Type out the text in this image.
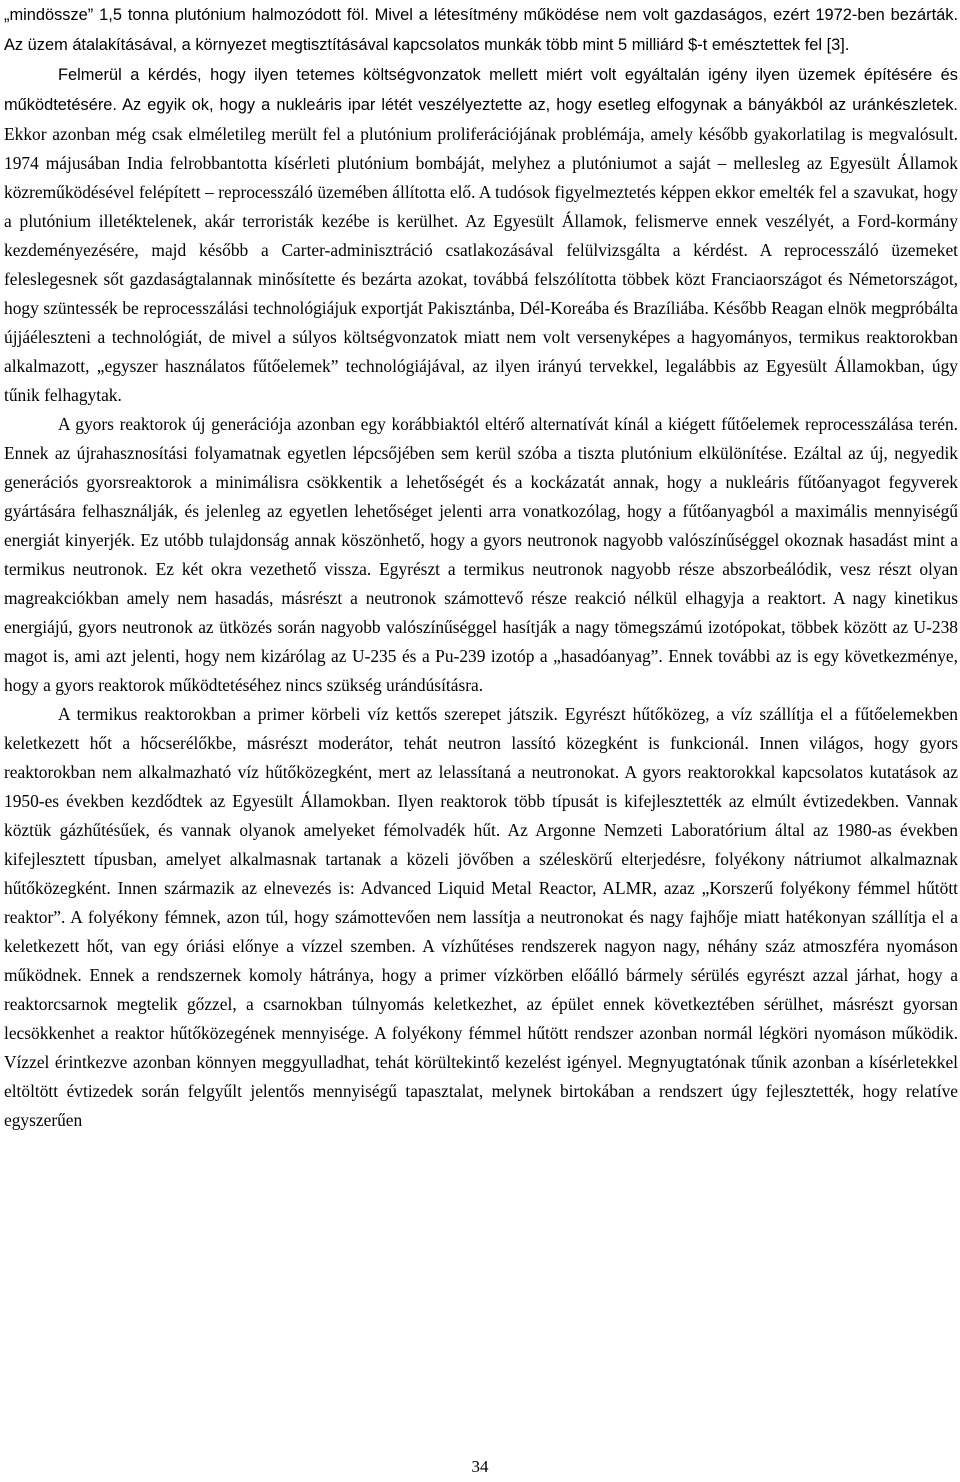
„mindössze” 1,5 tonna plutónium halmozódott föl. Mivel a létesítmény működése nem volt gazdaságos, ezért 1972-ben bezárták. Az üzem átalakításával, a környezet megtisztításával kapcsolatos munkák több mint 5 milliárd $-t emésztettek fel [3].

Felmerül a kérdés, hogy ilyen tetemes költségvonzatok mellett miért volt egyáltalán igény ilyen üzemek építésére és működtetésére. Az egyik ok, hogy a nukleáris ipar létét veszélyeztette az, hogy esetleg elfogynak a bányákból az uránkészletek. Ekkor azonban még csak elméletileg merült fel a plutónium proliferációjának problémája, amely később gyakorlatilag is megvalósult. 1974 májusában India felrobbantotta kísérleti plutónium bombáját, melyhez a plutóniumot a saját – mellesleg az Egyesült Államok közreműködésével felépített – reprocesszáló üzemében állította elő. A tudósok figyelmeztetés képpen ekkor emelték fel a szavukat, hogy a plutónium illetéktelenek, akár terroristák kezébe is kerülhet. Az Egyesült Államok, felismerve ennek veszélyét, a Ford-kormány kezdeményezésére, majd később a Carter-adminisztráció csatlakozásával felülvizsgálta a kérdést. A reprocesszáló üzemeket feleslegesnek sőt gazdaságtalannak minősítette és bezárta azokat, továbbá felszólította többek közt Franciaországot és Németországot, hogy szüntessék be reprocesszálási technológiájuk exportját Pakisztánba, Dél-Koreába és Brazíliába. Később Reagan elnök megpróbálta újjáéleszteni a technológiát, de mivel a súlyos költségvonzatok miatt nem volt versenyképes a hagyományos, termikus reaktorokban alkalmazott, „egyszer használatos fűtőelemek” technológiájával, az ilyen irányú tervekkel, legalábbis az Egyesült Államokban, úgy tűnik felhagytak.

A gyors reaktorok új generációja azonban egy korábbiaktól eltérő alternatívát kínál a kiégett fűtőelemek reprocesszálása terén. Ennek az újrahasznosítási folyamatnak egyetlen lépcsőjében sem kerül szóba a tiszta plutónium elkülönítése. Ezáltal az új, negyedik generációs gyorsreaktorok a minimálisra csökkentik a lehetőségét és a kockázatát annak, hogy a nukleáris fűtőanyagot fegyverek gyártására felhasználják, és jelenleg az egyetlen lehetőséget jelenti arra vonatkozólag, hogy a fűtőanyagból a maximális mennyiségű energiát kinyerjék. Ez utóbb tulajdonság annak köszönhető, hogy a gyors neutronok nagyobb valószínűséggel okoznak hasadást mint a termikus neutronok. Ez két okra vezethető vissza. Egyrészt a termikus neutronok nagyobb része abszorbeálódik, vesz részt olyan magreakciókban amely nem hasadás, másrészt a neutronok számottevő része reakció nélkül elhagyja a reaktort. A nagy kinetikus energiájú, gyors neutronok az ütközés során nagyobb valószínűséggel hasítják a nagy tömegszámú izotópokat, többek között az U-238 magot is, ami azt jelenti, hogy nem kizárólag az U-235 és a Pu-239 izotóp a „hasadóanyag”. Ennek további az is egy következménye, hogy a gyors reaktorok működtetéséhez nincs szükség urándúsításra.

A termikus reaktorokban a primer körbeli víz kettős szerepet játszik. Egyrészt hűtőközeg, a víz szállítja el a fűtőelemekben keletkezett hőt a hőcserélőkbe, másrészt moderátor, tehát neutron lassító közegként is funkcionál. Innen világos, hogy gyors reaktorokban nem alkalmazható víz hűtőközegként, mert az lelassítaná a neutronokat. A gyors reaktorokkal kapcsolatos kutatások az 1950-es években kezdődtek az Egyesült Államokban. Ilyen reaktorok több típusát is kifejlesztették az elmúlt évtizedekben. Vannak köztük gázhűtésűek, és vannak olyanok amelyeket fémolvadék hűt. Az Argonne Nemzeti Laboratórium által az 1980-as években kifejlesztett típusban, amelyet alkalmasnak tartanak a közeli jövőben a széleskörű elterjedésre, folyékony nátriumot alkalmaznak hűtőközegként. Innen származik az elnevezés is: Advanced Liquid Metal Reactor, ALMR, azaz „Korszerű folyékony fémmel hűtött reaktor”. A folyékony fémnek, azon túl, hogy számottevően nem lassítja a neutronokat és nagy fajhője miatt hatékonyan szállítja el a keletkezett hőt, van egy óriási előnye a vízzel szemben. A vízhűtéses rendszerek nagyon nagy, néhány száz atmoszféra nyomáson működnek. Ennek a rendszernek komoly hátránya, hogy a primer vízkörben előálló bármely sérülés egyrészt azzal járhat, hogy a reaktorcsarnok megtelik gőzzel, a csarnokban túlnyomás keletkezhet, az épület ennek következtében sérülhet, másrészt gyorsan lecsökkenhet a reaktor hűtőközegének mennyisége. A folyékony fémmel hűtött rendszer azonban normál légköri nyomáson működik. Vízzel érintkezve azonban könnyen meggyulladhat, tehát körültekintő kezelést igényel. Megnyugtatónak tűnik azonban a kísérletekkel eltöltött évtizedek során felgyűlt jelentős mennyiségű tapasztalat, melynek birtokában a rendszert úgy fejlesztették, hogy relatíve egyszerűen

34
